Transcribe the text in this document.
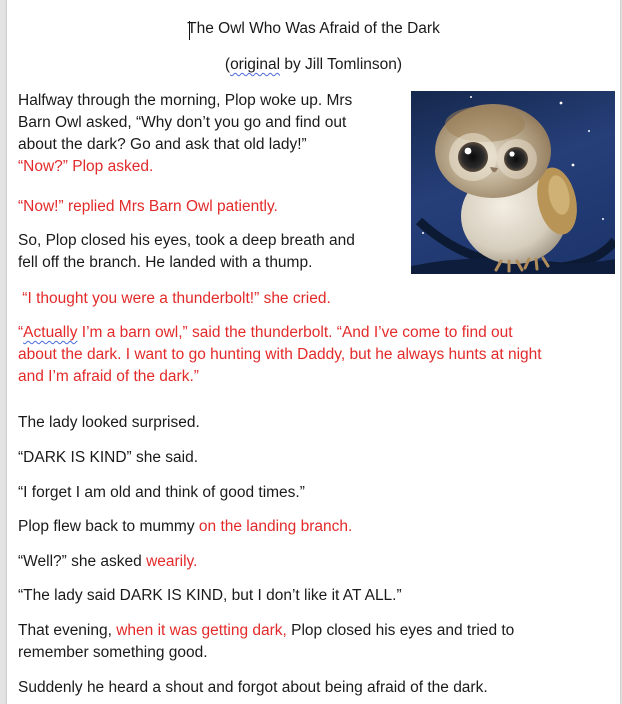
The Owl Who Was Afraid of the Dark
(original by Jill Tomlinson)
Halfway through the morning, Plop woke up. Mrs
Barn Owl asked, “Why don’t you go and find out
about the dark? Go and ask that old lady!”
“Now?” Plop asked.
“Now!” replied Mrs Barn Owl patiently.
So, Plop closed his eyes, took a deep breath and
fell off the branch. He landed with a thump.
“I thought you were a thunderbolt!” she cried.
“Actually I’m a barn owl,” said the thunderbolt. “And I’ve come to find out
about the dark. I want to go hunting with Daddy, but he always hunts at night
and I’m afraid of the dark.”
The lady looked surprised.
“DARK IS KIND” she said.
“I forget I am old and think of good times.”
Plop flew back to mummy on the landing branch.
“Well?” she asked wearily.
“The lady said DARK IS KIND, but I don’t like it AT ALL.”
That evening, when it was getting dark, Plop closed his eyes and tried to
remember something good.
Suddenly he heard a shout and forgot about being afraid of the dark.
